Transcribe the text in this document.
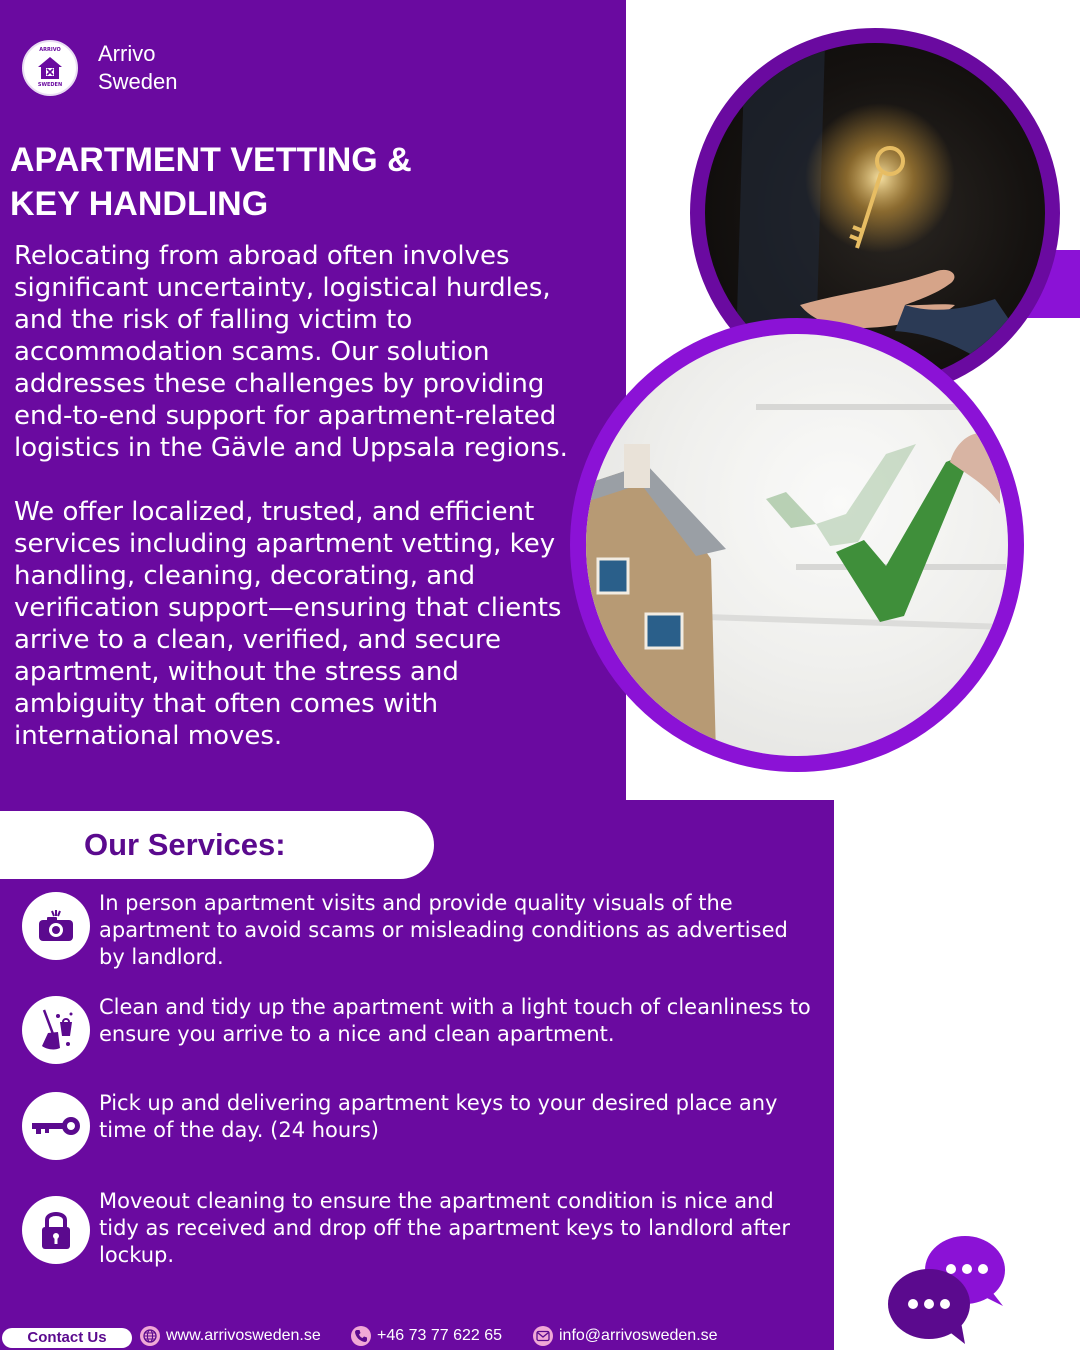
ARRIVO
SWEDEN
Arrivo
Sweden
APARTMENT VETTING &
KEY HANDLING

Relocating from abroad often involves significant uncertainty, logistical hurdles, and the risk of falling victim to accommodation scams. Our solution addresses these challenges by providing end-to-end support for apartment-related logistics in the Gävle and Uppsala regions.

We offer localized, trusted, and efficient services including apartment vetting, key handling, cleaning, decorating, and verification support—ensuring that clients arrive to a clean, verified, and secure apartment, without the stress and ambiguity that often comes with international moves.

Our Services:
In person apartment visits and provide quality visuals of the apartment to avoid scams or misleading conditions as advertised by landlord.
Clean and tidy up the apartment with a light touch of cleanliness to ensure you arrive to a nice and clean apartment.
Pick up and delivering apartment keys to your desired place any time of the day. (24 hours)
Moveout cleaning to ensure the apartment condition is nice and tidy as received and drop off the apartment keys to landlord after lockup.
Contact Us	www.arrivosweden.se	+46 73 77 622 65	info@arrivosweden.se
